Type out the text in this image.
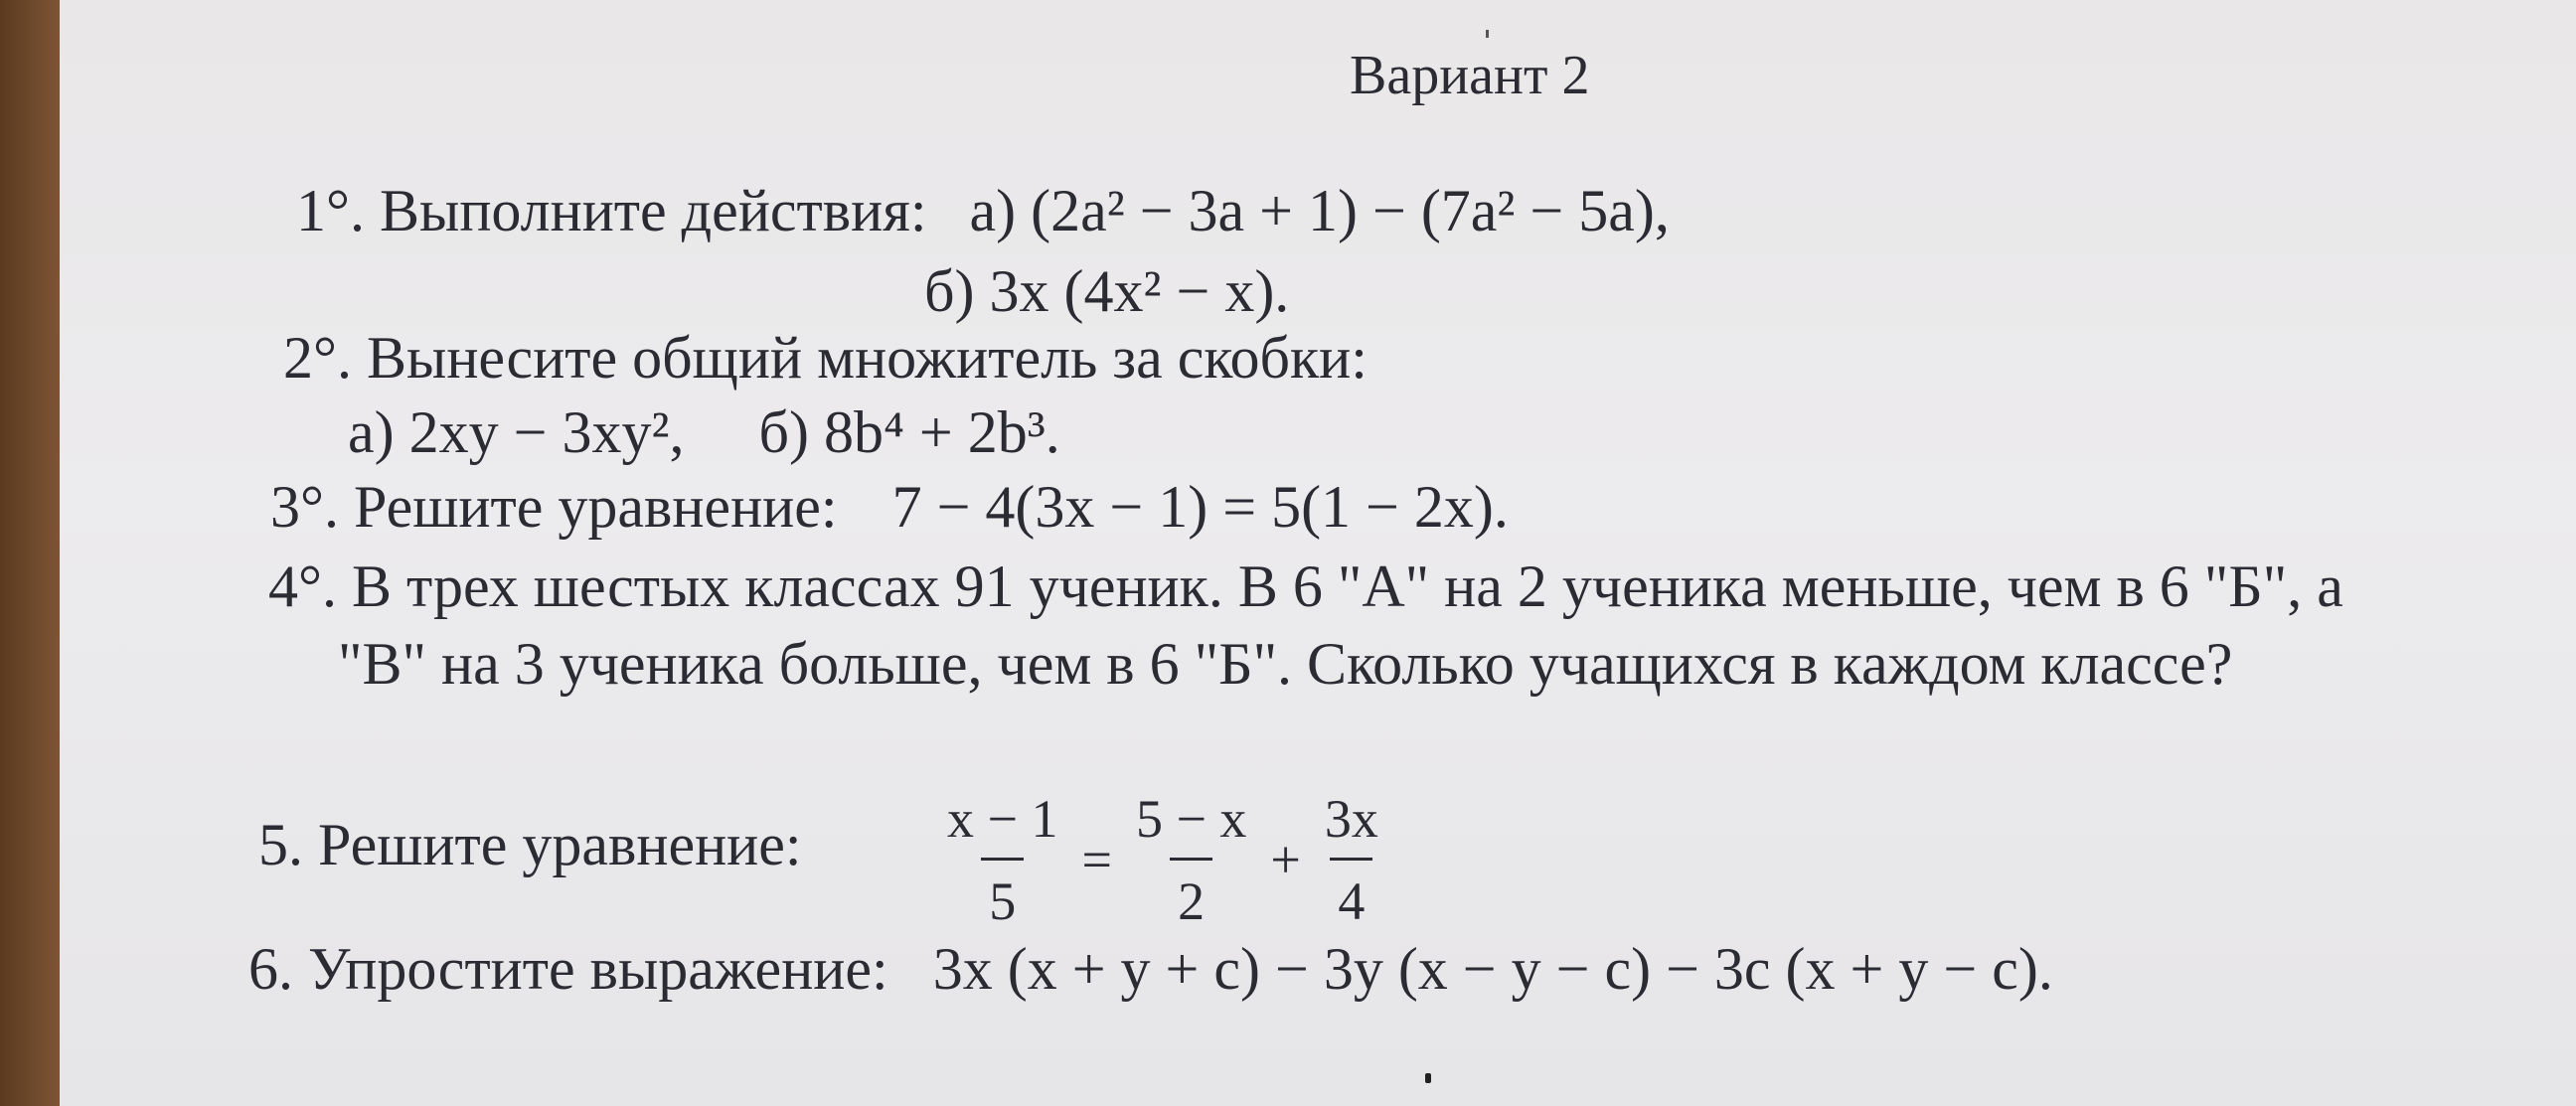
Вариант 2
1°. Выполните действия: а) (2a² − 3a + 1) − (7a² − 5a),
б) 3x (4x² − x).
2°. Вынесите общий множитель за скобки:
а) 2xy − 3xy², б) 8b⁴ + 2b³.
3°. Решите уравнение: 7 − 4(3x − 1) = 5(1 − 2x).
4°. В трех шестых классах 91 ученик. В 6 "А" на 2 ученика меньше, чем в 6 "Б", а
"В" на 3 ученика больше, чем в 6 "Б". Сколько учащихся в каждом классе?
5. Решите уравнение:	$\frac{x - 1}{5} = \frac{5 - x}{2} + \frac{3x}{4}$
6. Упростите выражение: 3x (x + y + c) − 3y (x − y − c) − 3c (x + y − c).
